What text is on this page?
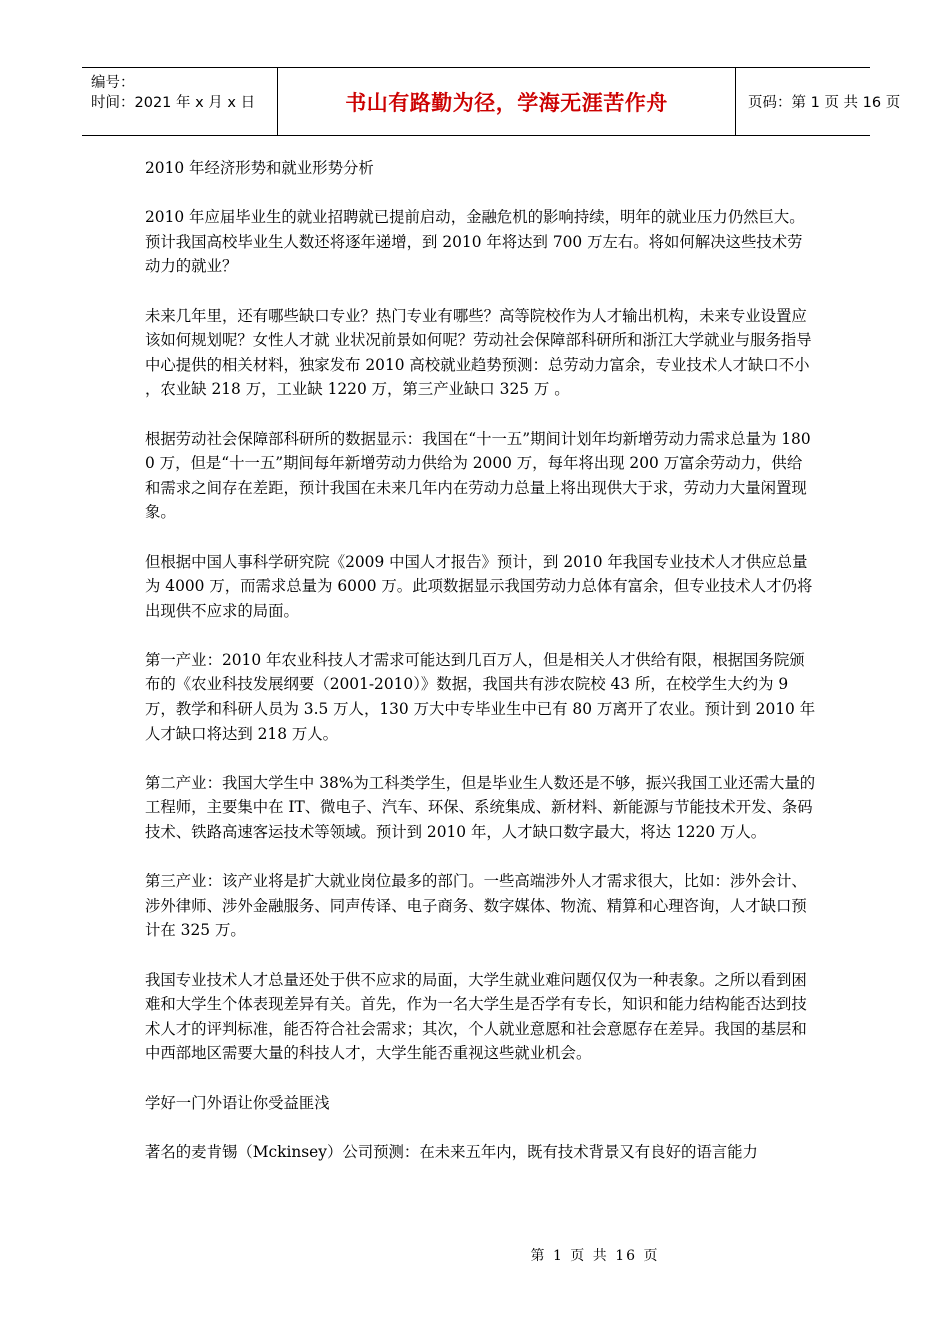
编号：
时间：2021 年 x 月 x 日	书山有路勤为径，学海无涯苦作舟	页码：第 1 页 共 16 页

2010 年经济形势和就业形势分析

2010 年应届毕业生的就业招聘就已提前启动，金融危机的影响持续，明年的就业压力仍然巨大。预计我国高校毕业生人数还将逐年递增，到 2010 年将达到 700 万左右。将如何解决这些技术劳动力的就业？

未来几年里，还有哪些缺口专业？热门专业有哪些？高等院校作为人才输出机构，未来专业设置应该如何规划呢？女性人才就 业状况前景如何呢？劳动社会保障部科研所和浙江大学就业与服务指导中心提供的相关材料，独家发布 2010 高校就业趋势预测：总劳动力富余，专业技术人才缺口不小 ，农业缺 218 万，工业缺 1220 万，第三产业缺口 325 万 。

根据劳动社会保障部科研所的数据显示：我国在“十一五”期间计划年均新增劳动力需求总量为 1800 万，但是“十一五”期间每年新增劳动力供给为 2000 万，每年将出现 200 万富余劳动力，供给和需求之间存在差距，预计我国在未来几年内在劳动力总量上将出现供大于求，劳动力大量闲置现象。

但根据中国人事科学研究院《2009 中国人才报告》预计，到 2010 年我国专业技术人才供应总量为 4000 万，而需求总量为 6000 万。此项数据显示我国劳动力总体有富余，但专业技术人才仍将出现供不应求的局面。

第一产业：2010 年农业科技人才需求可能达到几百万人，但是相关人才供给有限，根据国务院颁布的《农业科技发展纲要（2001-2010）》数据，我国共有涉农院校 43 所，在校学生大约为 9 万，教学和科研人员为 3.5 万人，130 万大中专毕业生中已有 80 万离开了农业。预计到 2010 年人才缺口将达到 218 万人。

第二产业：我国大学生中 38%为工科类学生，但是毕业生人数还是不够，振兴我国工业还需大量的工程师，主要集中在 IT、微电子、汽车、环保、系统集成、新材料、新能源与节能技术开发、条码技术、铁路高速客运技术等领域。预计到 2010 年，人才缺口数字最大，将达 1220 万人。

第三产业：该产业将是扩大就业岗位最多的部门。一些高端涉外人才需求很大，比如：涉外会计、涉外律师、涉外金融服务、同声传译、电子商务、数字媒体、物流、精算和心理咨询，人才缺口预计在 325 万。

我国专业技术人才总量还处于供不应求的局面，大学生就业难问题仅仅为一种表象。之所以看到困难和大学生个体表现差异有关。首先，作为一名大学生是否学有专长，知识和能力结构能否达到技术人才的评判标准，能否符合社会需求；其次，个人就业意愿和社会意愿存在差异。我国的基层和中西部地区需要大量的科技人才，大学生能否重视这些就业机会。

学好一门外语让你受益匪浅

著名的麦肯锡（Mckinsey）公司预测：在未来五年内，既有技术背景又有良好的语言能力

第 1 页 共 16 页
